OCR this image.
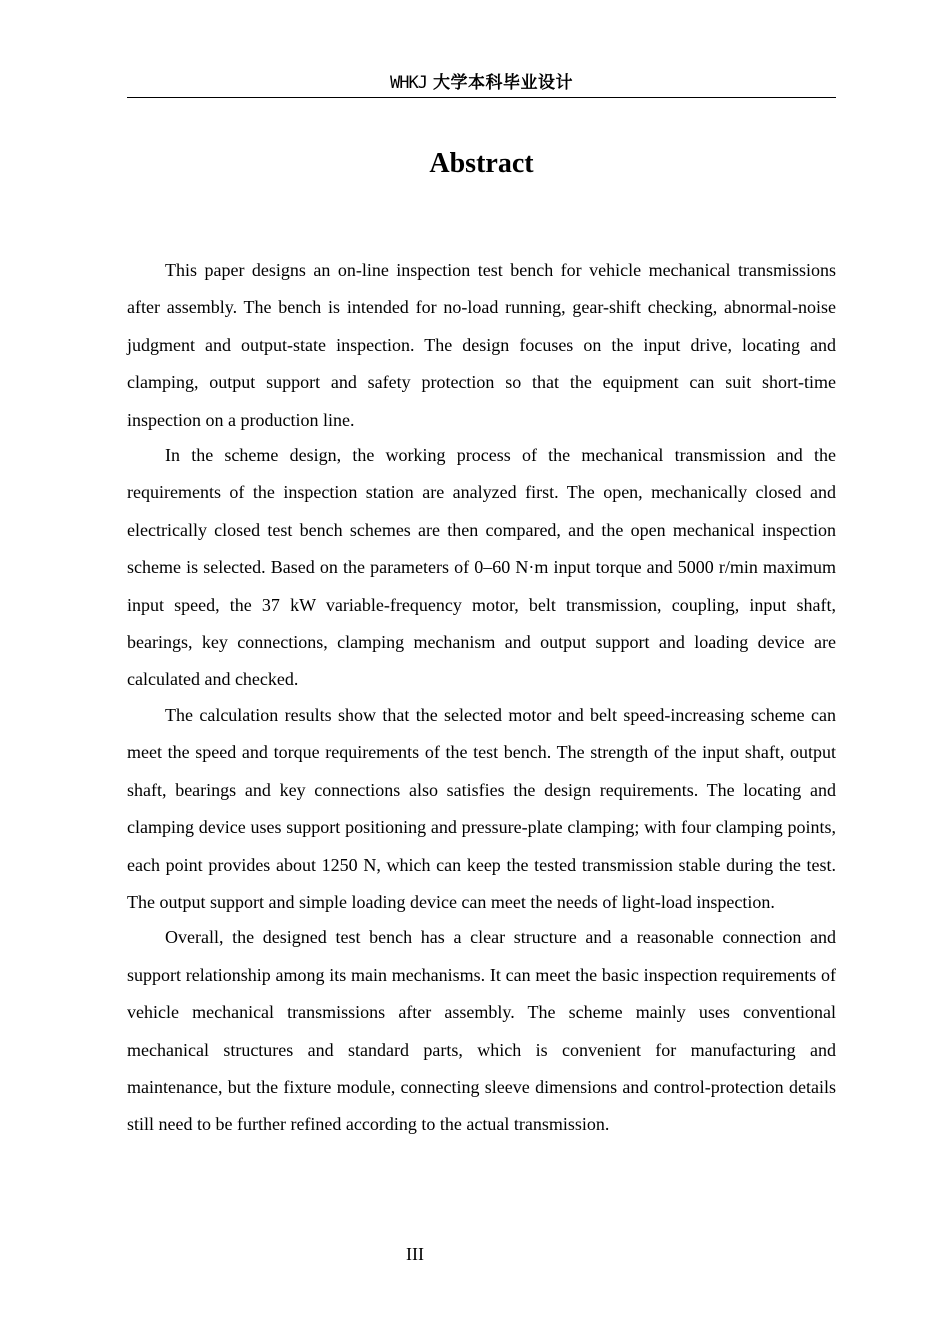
WHKJ 大学本科毕业设计
Abstract

This paper designs an on-line inspection test bench for vehicle mechanical transmissions after assembly. The bench is intended for no-load running, gear-shift checking, abnormal-noise judgment and output-state inspection. The design focuses on the input drive, locating and clamping, output support and safety protection so that the equipment can suit short-time inspection on a production line.

In the scheme design, the working process of the mechanical transmission and the requirements of the inspection station are analyzed first. The open, mechanically closed and electrically closed test bench schemes are then compared, and the open mechanical inspection scheme is selected. Based on the parameters of 0–60 N·m input torque and 5000 r/min maximum input speed, the 37 kW variable-frequency motor, belt transmission, coupling, input shaft, bearings, key connections, clamping mechanism and output support and loading device are calculated and checked.

The calculation results show that the selected motor and belt speed-increasing scheme can meet the speed and torque requirements of the test bench. The strength of the input shaft, output shaft, bearings and key connections also satisfies the design requirements. The locating and clamping device uses support positioning and pressure-plate clamping; with four clamping points, each point provides about 1250 N, which can keep the tested transmission stable during the test. The output support and simple loading device can meet the needs of light-load inspection.

Overall, the designed test bench has a clear structure and a reasonable connection and support relationship among its main mechanisms. It can meet the basic inspection requirements of vehicle mechanical transmissions after assembly. The scheme mainly uses conventional mechanical structures and standard parts, which is convenient for manufacturing and maintenance, but the fixture module, connecting sleeve dimensions and control-protection details still need to be further refined according to the actual transmission.

III
